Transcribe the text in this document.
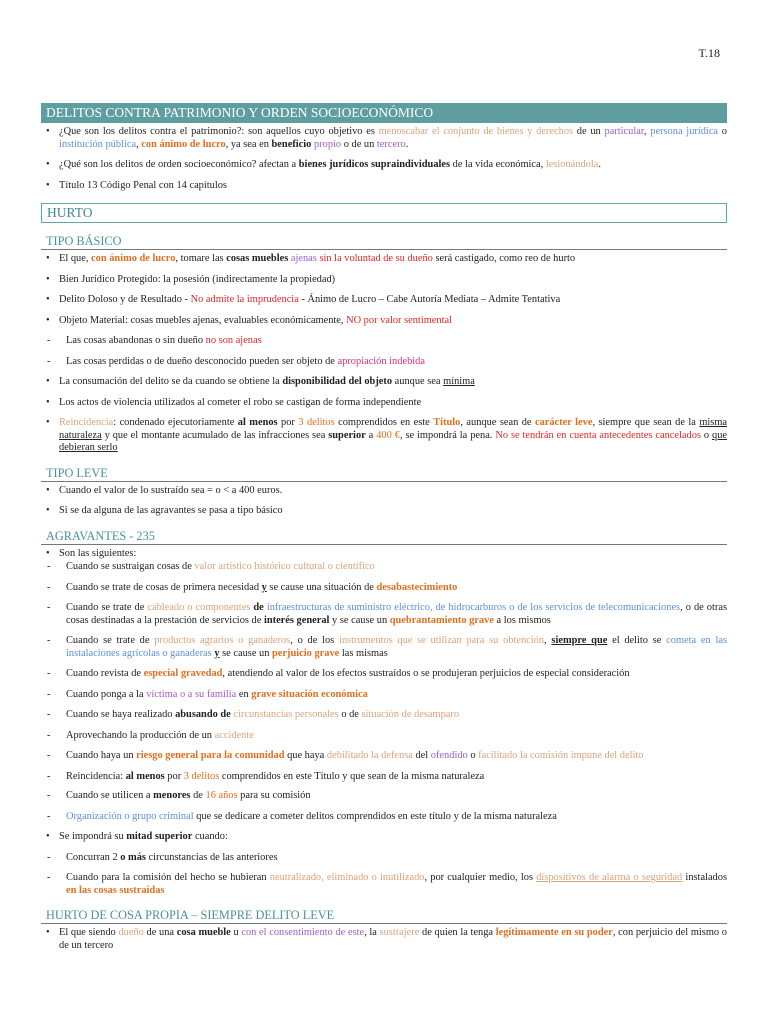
T.18
DELITOS CONTRA PATRIMONIO Y ORDEN SOCIOECONÓMICO
• ¿Que son los delitos contra el patrimonio?: son aquellos cuyo objetivo es menoscabar el conjunto de bienes y derechos de un particular, persona jurídica o institución pública, con ánimo de lucro, ya sea en beneficio propio o de un tercero.
• ¿Qué son los delitos de orden socioeconómico? afectan a bienes jurídicos supraindividuales de la vida económica, lesionándola.
• Título 13 Código Penal con 14 capítulos
HURTO
TIPO BÁSICO
• El que, con ánimo de lucro, tomare las cosas muebles ajenas sin la voluntad de su dueño será castigado, como reo de hurto
• Bien Jurídico Protegido: la posesión (indirectamente la propiedad)
• Delito Doloso y de Resultado - No admite la imprudencia - Ánimo de Lucro – Cabe Autoría Mediata – Admite Tentativa
• Objeto Material: cosas muebles ajenas, evaluables económicamente, NO por valor sentimental
- Las cosas abandonas o sin dueño no son ajenas
- Las cosas perdidas o de dueño desconocido pueden ser objeto de apropiación indebida
• La consumación del delito se da cuando se obtiene la disponibilidad del objeto aunque sea mínima
• Los actos de violencia utilizados al cometer el robo se castigan de forma independiente
• Reincidencia: condenado ejecutoriamente al menos por 3 delitos comprendidos en este Título, aunque sean de carácter leve, siempre que sean de la misma naturaleza y que el montante acumulado de las infracciones sea superior a 400 €, se impondrá la pena. No se tendrán en cuenta antecedentes cancelados o que debieran serlo
TIPO LEVE
• Cuando el valor de lo sustraído sea = o < a 400 euros.
• Si se da alguna de las agravantes se pasa a tipo básico
AGRAVANTES - 235
• Son las siguientes:
- Cuando se sustraigan cosas de valor artístico histórico cultural o científico
- Cuando se trate de cosas de primera necesidad y se cause una situación de desabastecimiento
- Cuando se trate de cableado o componentes de infraestructuras de suministro eléctrico, de hidrocarburos o de los servicios de telecomunicaciones, o de otras cosas destinadas a la prestación de servicios de interés general y se cause un quebrantamiento grave a los mismos
- Cuando se trate de productos agrarios o ganaderos, o de los instrumentos que se utilizan para su obtención, siempre que el delito se cometa en las instalaciones agrícolas o ganaderas y se cause un perjuicio grave las mismas
- Cuando revista de especial gravedad, atendiendo al valor de los efectos sustraídos o se produjeran perjuicios de especial consideración
- Cuando ponga a la víctima o a su familia en grave situación económica
- Cuando se haya realizado abusando de circunstancias personales o de situación de desamparo
- Aprovechando la producción de un accidente
- Cuando haya un riesgo general para la comunidad que haya debilitado la defensa del ofendido o facilitado la comisión impune del delito
- Reincidencia: al menos por 3 delitos comprendidos en este Título y que sean de la misma naturaleza
- Cuando se utilicen a menores de 16 años para su comisión
- Organización o grupo criminal que se dedicare a cometer delitos comprendidos en este título y de la misma naturaleza
• Se impondrá su mitad superior cuando:
- Concurran 2 o más circunstancias de las anteriores
- Cuando para la comisión del hecho se hubieran neutralizado, eliminado o inutilizado, por cualquier medio, los dispositivos de alarma o seguridad instalados en las cosas sustraídas
HURTO DE COSA PROPIA – SIEMPRE DELITO LEVE
• El que siendo dueño de una cosa mueble u con el consentimiento de este, la sustrajere de quien la tenga legítimamente en su poder, con perjuicio del mismo o de un tercero
